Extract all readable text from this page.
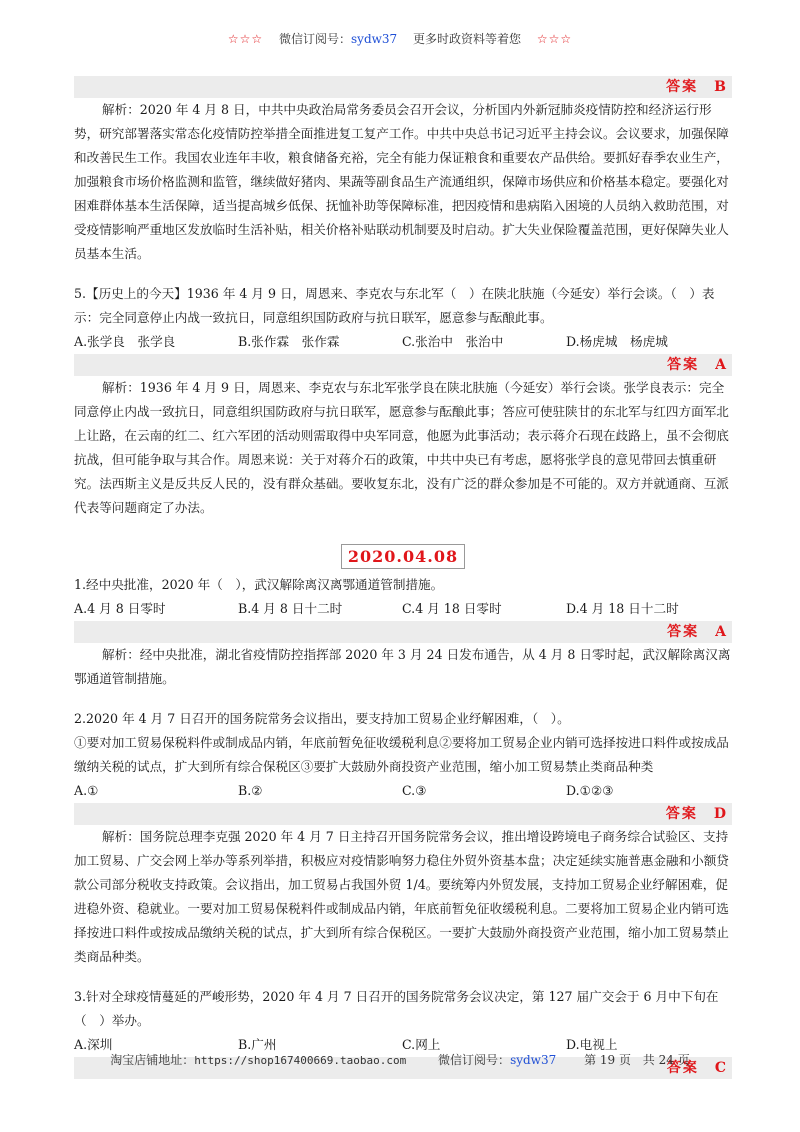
☆☆☆ 微信订阅号：sydw37 更多时政资料等着您 ☆☆☆
答案　B

解析：2020 年 4 月 8 日，中共中央政治局常务委员会召开会议，分析国内外新冠肺炎疫情防控和经济运行形势，研究部署落实常态化疫情防控举措全面推进复工复产工作。中共中央总书记习近平主持会议。会议要求，加强保障和改善民生工作。我国农业连年丰收，粮食储备充裕，完全有能力保证粮食和重要农产品供给。要抓好春季农业生产，加强粮食市场价格监测和监管，继续做好猪肉、果蔬等副食品生产流通组织，保障市场供应和价格基本稳定。要强化对困难群体基本生活保障，适当提高城乡低保、抚恤补助等保障标准，把因疫情和患病陷入困境的人员纳入救助范围，对受疫情影响严重地区发放临时生活补贴，相关价格补贴联动机制要及时启动。扩大失业保险覆盖范围，更好保障失业人员基本生活。

5.【历史上的今天】1936 年 4 月 9 日，周恩来、李克农与东北军（　）在陕北肤施（今延安）举行会谈。（　）表示：完全同意停止内战一致抗日，同意组织国防政府与抗日联军，愿意参与酝酿此事。

A.张学良　张学良	B.张作霖　张作霖	C.张治中　张治中	D.杨虎城　杨虎城
答案　A

解析：1936 年 4 月 9 日，周恩来、李克农与东北军张学良在陕北肤施（今延安）举行会谈。张学良表示：完全同意停止内战一致抗日，同意组织国防政府与抗日联军，愿意参与酝酿此事；答应可使驻陕甘的东北军与红四方面军北上让路，在云南的红二、红六军团的活动则需取得中央军同意，他愿为此事活动；表示蒋介石现在歧路上，虽不会彻底抗战，但可能争取与其合作。周恩来说：关于对蒋介石的政策，中共中央已有考虑，愿将张学良的意见带回去慎重研究。法西斯主义是反共反人民的，没有群众基础。要收复东北，没有广泛的群众参加是不可能的。双方并就通商、互派代表等问题商定了办法。

2020.04.08

1.经中央批准，2020 年（　），武汉解除离汉离鄂通道管制措施。

A.4 月 8 日零时	B.4 月 8 日十二时	C.4 月 18 日零时	D.4 月 18 日十二时
答案　A

解析：经中央批准，湖北省疫情防控指挥部 2020 年 3 月 24 日发布通告，从 4 月 8 日零时起，武汉解除离汉离鄂通道管制措施。

2.2020 年 4 月 7 日召开的国务院常务会议指出，要支持加工贸易企业纾解困难，（　）。

①要对加工贸易保税料件或制成品内销，年底前暂免征收缓税利息②要将加工贸易企业内销可选择按进口料件或按成品缴纳关税的试点，扩大到所有综合保税区③要扩大鼓励外商投资产业范围，缩小加工贸易禁止类商品种类

A.①	B.②	C.③	D.①②③
答案　D

解析：国务院总理李克强 2020 年 4 月 7 日主持召开国务院常务会议，推出增设跨境电子商务综合试验区、支持加工贸易、广交会网上举办等系列举措，积极应对疫情影响努力稳住外贸外资基本盘；决定延续实施普惠金融和小额贷款公司部分税收支持政策。会议指出，加工贸易占我国外贸 1/4。要统筹内外贸发展，支持加工贸易企业纾解困难，促进稳外资、稳就业。一要对加工贸易保税料件或制成品内销，年底前暂免征收缓税利息。二要将加工贸易企业内销可选择按进口料件或按成品缴纳关税的试点，扩大到所有综合保税区。一要扩大鼓励外商投资产业范围，缩小加工贸易禁止类商品种类。

3.针对全球疫情蔓延的严峻形势，2020 年 4 月 7 日召开的国务院常务会议决定，第 127 届广交会于 6 月中下旬在（　）举办。

A.深圳	B.广州	C.网上	D.电视上
答案　C
淘宝店铺地址：https://shop167400669.taobao.com	微信订阅号：sydw37 第 19 页 共 24 页
